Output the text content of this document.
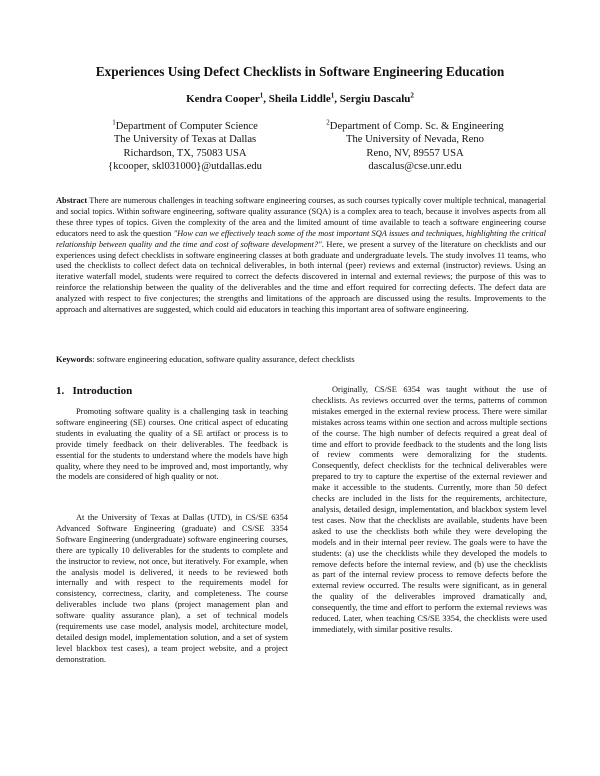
Experiences Using Defect Checklists in Software Engineering Education
Kendra Cooper$^1$, Sheila Liddle$^1$, Sergiu Dascalu$^2$
$^1$Department of Computer Science
The University of Texas at Dallas
Richardson, TX, 75083 USA
{kcooper, skl031000}@utdallas.edu
$^2$Department of Comp. Sc. & Engineering
The University of Nevada, Reno
Reno, NV, 89557 USA
dascalus@cse.unr.edu
Abstract There are numerous challenges in teaching software engineering courses, as such courses typically cover multiple technical, managerial and social topics. Within software engineering, software quality assurance (SQA) is a complex area to teach, because it involves aspects from all these three types of topics. Given the complexity of the area and the limited amount of time available to teach a software engineering course educators need to ask the question "How can we effectively teach some of the most important SQA issues and techniques, highlighting the critical relationship between quality and the time and cost of software development?". Here, we present a survey of the literature on checklists and our experiences using defect checklists in software engineering classes at both graduate and undergraduate levels. The study involves 11 teams, who used the checklists to collect defect data on technical deliverables, in both internal (peer) reviews and external (instructor) reviews. Using an iterative waterfall model, students were required to correct the defects discovered in internal and external reviews; the purpose of this was to reinforce the relationship between the quality of the deliverables and the time and effort required for correcting defects. The defect data are analyzed with respect to five conjectures; the strengths and limitations of the approach are discussed using the results. Improvements to the approach and alternatives are suggested, which could aid educators in teaching this important area of software engineering.
Keywords: software engineering education, software quality assurance, defect checklists
1. Introduction

Promoting software quality is a challenging task in teaching software engineering (SE) courses. One critical aspect of educating students in evaluating the quality of a SE artifact or process is to provide timely feedback on their deliverables. The feedback is essential for the students to understand where the models have high quality, where they need to be improved and, most importantly, why the models are considered of high quality or not.

At the University of Texas at Dallas (UTD), in CS/SE 6354 Advanced Software Engineering (graduate) and CS/SE 3354 Software Engineering (undergraduate) software engineering courses, there are typically 10 deliverables for the students to complete and the instructor to review, not once, but iteratively. For example, when the analysis model is delivered, it needs to be reviewed both internally and with respect to the requirements model for consistency, correctness, clarity, and completeness. The course deliverables include two plans (project management plan and software quality assurance plan), a set of technical models (requirements use case model, analysis model, architecture model, detailed design model, implementation solution, and a set of system level blackbox test cases), a team project website, and a project demonstration.

Originally, CS/SE 6354 was taught without the use of checklists. As reviews occurred over the terms, patterns of common mistakes emerged in the external review process. There were similar mistakes across teams within one section and across multiple sections of the course. The high number of defects required a great deal of time and effort to provide feedback to the students and the long lists of review comments were demoralizing for the students. Consequently, defect checklists for the technical deliverables were prepared to try to capture the expertise of the external reviewer and make it accessible to the students. Currently, more than 50 defect checks are included in the lists for the requirements, architecture, analysis, detailed design, implementation, and blackbox system level test cases. Now that the checklists are available, students have been asked to use the checklists both while they were developing the models and in their internal peer review. The goals were to have the students: (a) use the checklists while they developed the models to remove defects before the internal review, and (b) use the checklists as part of the internal review process to remove defects before the external review occurred. The results were significant, as in general the quality of the deliverables improved dramatically and, consequently, the time and effort to perform the external reviews was reduced. Later, when teaching CS/SE 3354, the checklists were used immediately, with similar positive results.
